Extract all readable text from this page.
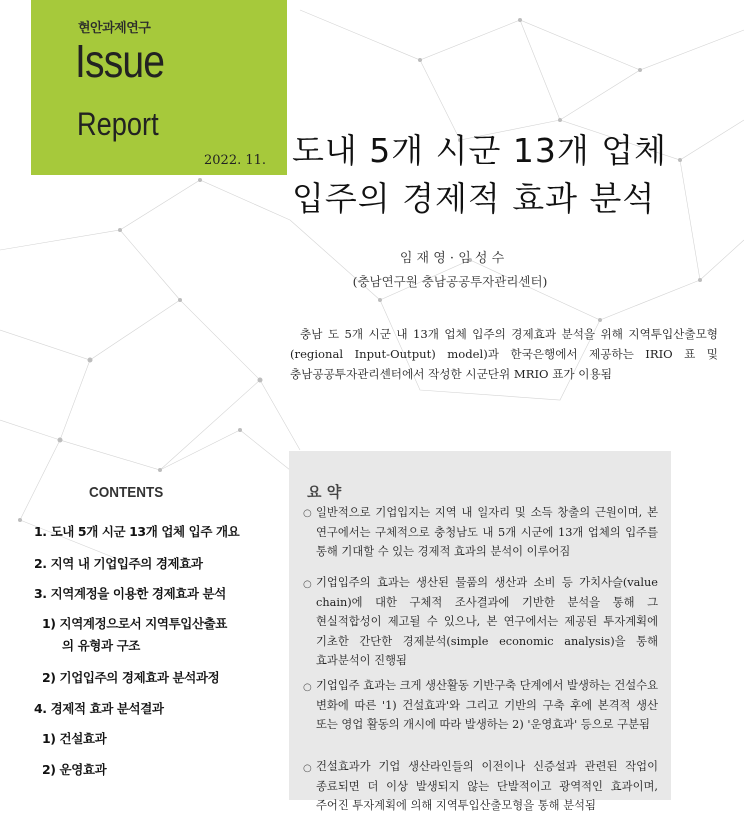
현안과제연구
Issue
Report
2022. 11. 도내 5개 시군 13개 업체
입주의 경제적 효과 분석
임 재 영 · 임 성 수
(충남연구원 충남공공투자관리센터)
충남 도 5개 시군 내 13개 업체 입주의 경제효과 분석을 위해 지역투입산출모형(regional Input-Output) model)과 한국은행에서 제공하는 IRIO 표 및 충남공공투자관리센터에서 작성한 시군단위 MRIO 표가 이용됨
CONTENTS
1. 도내 5개 시군 13개 업체 입주 개요
2. 지역 내 기업입주의 경제효과
3. 지역계정을 이용한 경제효과 분석
1) 지역계정으로서 지역투입산출표
의 유형과 구조
2) 기업입주의 경제효과 분석과정
4. 경제적 효과 분석결과
1) 건설효과
2) 운영효과
요 약
○ 일반적으로 기업입지는 지역 내 일자리 및 소득 창출의 근원이며, 본 연구에서는 구체적으로 충청남도 내 5개 시군에 13개 업체의 입주를 통해 기대할 수 있는 경제적 효과의 분석이 이루어짐
○ 기업입주의 효과는 생산된 물품의 생산과 소비 등 가치사슬(value chain)에 대한 구체적 조사결과에 기반한 분석을 통해 그 현실적합성이 제고될 수 있으나, 본 연구에서는 제공된 투자계획에 기초한 간단한 경제분석(simple economic analysis)을 통해 효과분석이 진행됨
○ 기업입주 효과는 크게 생산활동 기반구축 단계에서 발생하는 건설수요 변화에 따른 '1) 건설효과'와 그리고 기반의 구축 후에 본격적 생산 또는 영업 활동의 개시에 따라 발생하는 2) '운영효과' 등으로 구분됨
○ 건설효과가 기업 생산라인들의 이전이나 신증설과 관련된 작업이 종료되면 더 이상 발생되지 않는 단발적이고 광역적인 효과이며, 주어진 투자계획에 의해 지역투입산출모형을 통해 분석됨
